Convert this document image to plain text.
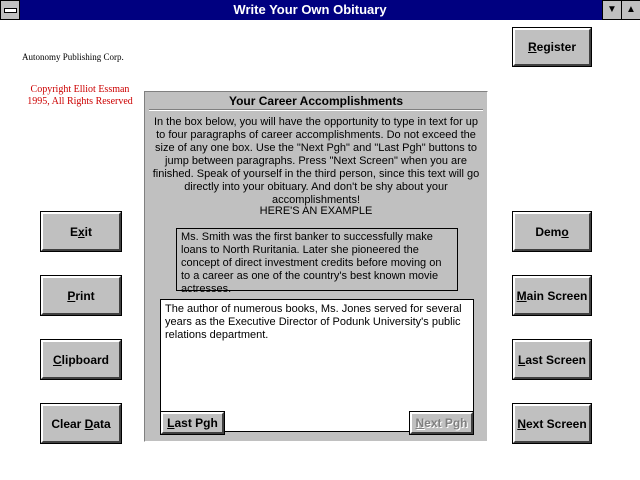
Write Your Own Obituary	▼ ▲
Autonomy Publishing Corp.
Copyright Elliot Essman
1995, All Rights Reserved
E x it
P rint
C lipboard
Clear D ata
R egister
Dem o
M ain Screen
L ast Screen
N ext Screen
Your Career Accomplishments
In the box below, you will have the opportunity to type in text for up to four paragraphs of career accomplishments. Do not exceed the size of any one box. Use the "Next Pgh" and "Last Pgh" buttons to jump between paragraphs. Press "Next Screen" when you are finished. Speak of yourself in the third person, since this text will go directly into your obituary. And don't be shy about your accomplishments!
HERE'S AN EXAMPLE
Ms. Smith was the first banker to successfully make loans to North Ruritania. Later she pioneered the concept of direct investment credits before moving on to a career as one of the country's best known movie actresses.
The author of numerous books, Ms. Jones served for several years as the Executive Director of Podunk University's public relations department.
L ast Pgh	N ext Pgh
